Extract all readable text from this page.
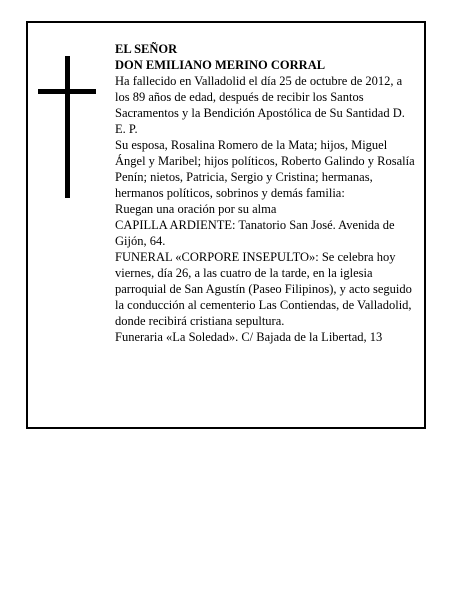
EL SEÑOR

DON EMILIANO MERINO CORRAL

Ha fallecido en Valladolid el día 25 de octubre de 2012, a los 89 años de edad, después de recibir los Santos Sacramentos y la Bendición Apostólica de Su Santidad D. E. P.

Su esposa, Rosalina Romero de la Mata; hijos, Miguel Ángel y Maribel; hijos políticos, Roberto Galindo y Rosalía Penín; nietos, Patricia, Sergio y Cristina; hermanas, hermanos políticos, sobrinos y demás familia:

Ruegan una oración por su alma

CAPILLA ARDIENTE: Tanatorio San José. Avenida de Gijón, 64.

FUNERAL «CORPORE INSEPULTO»: Se celebra hoy viernes, día 26, a las cuatro de la tarde, en la iglesia parroquial de San Agustín (Paseo Filipinos), y acto seguido la conducción al cementerio Las Contiendas, de Valladolid, donde recibirá cristiana sepultura.

Funeraria «La Soledad». C/ Bajada de la Libertad, 13
